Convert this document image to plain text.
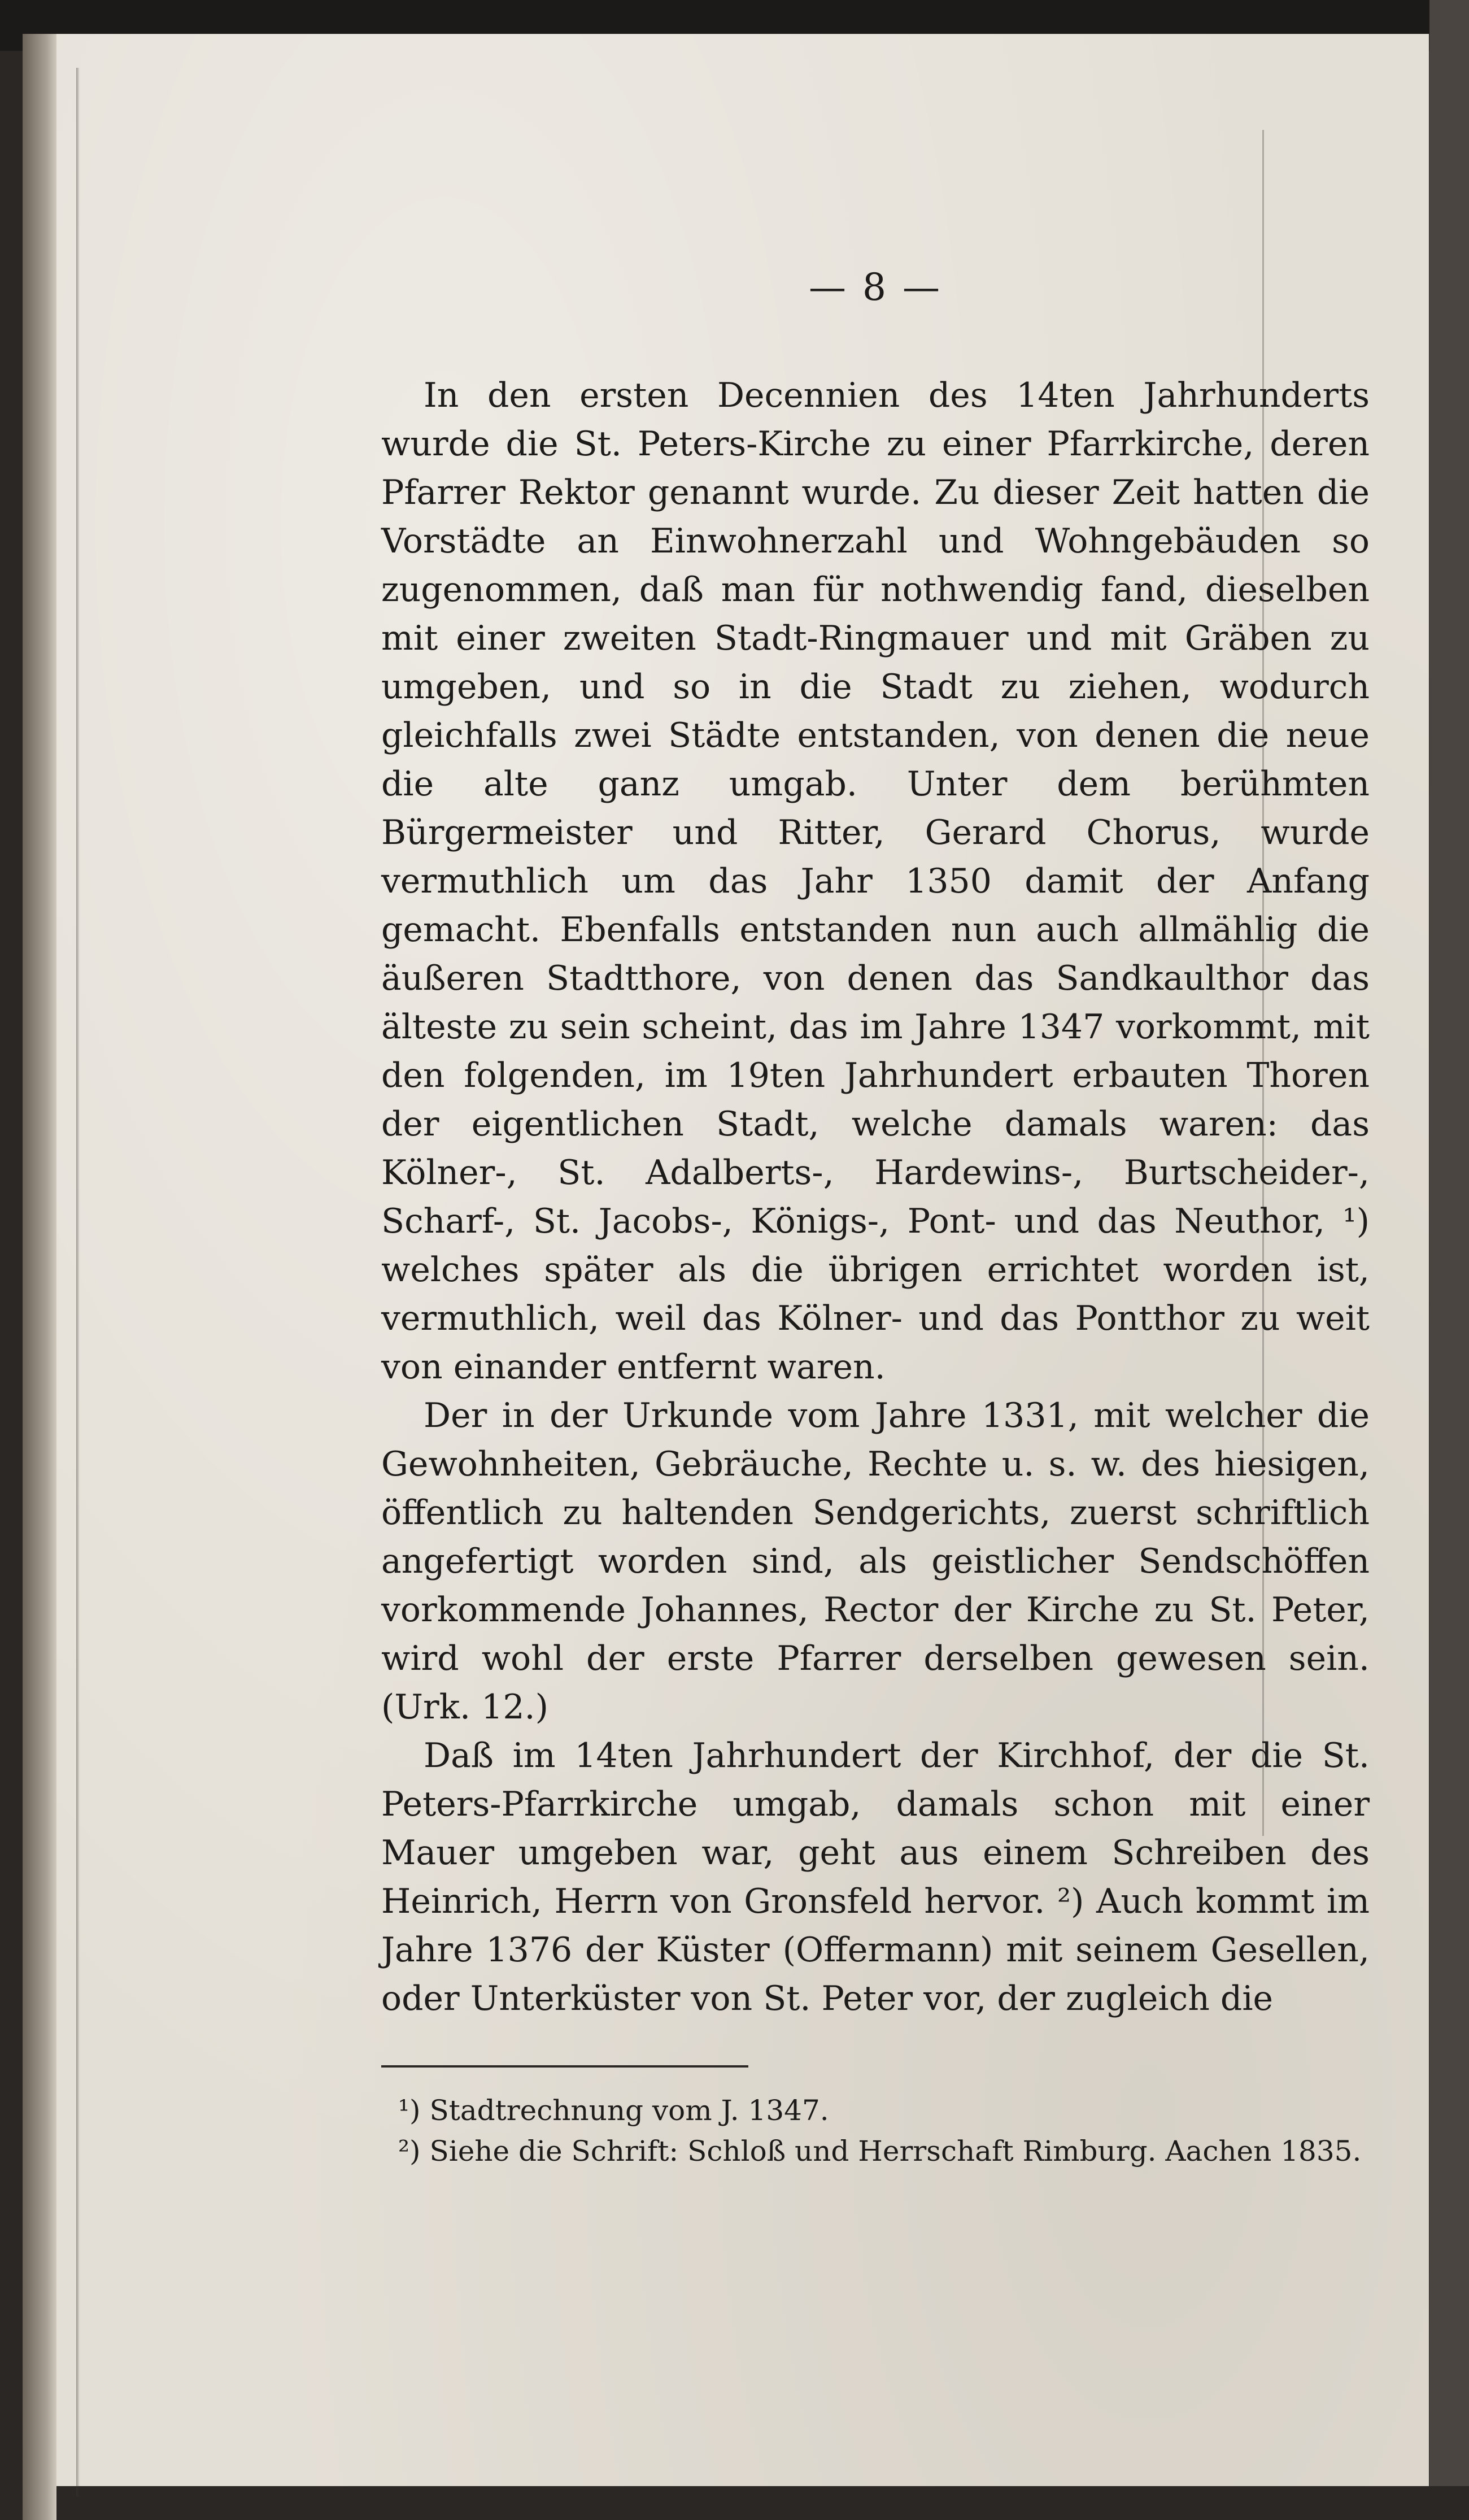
— 8 —

In den ersten Decennien des 14ten Jahrhunderts wurde die St. Peters-Kirche zu einer Pfarrkirche, deren Pfarrer Rektor genannt wurde. Zu dieser Zeit hatten die Vorstädte an Einwohnerzahl und Wohngebäuden so zugenommen, daß man für nothwendig fand, dieselben mit einer zweiten Stadt-Ringmauer und mit Gräben zu umgeben, und so in die Stadt zu ziehen, wodurch gleichfalls zwei Städte entstanden, von denen die neue die alte ganz umgab. Unter dem berühmten Bürgermeister und Ritter, Gerard Chorus, wurde vermuthlich um das Jahr 1350 damit der Anfang gemacht. Ebenfalls entstanden nun auch allmählig die äußeren Stadtthore, von denen das Sandkaulthor das älteste zu sein scheint, das im Jahre 1347 vorkommt, mit den folgenden, im 19ten Jahrhundert erbauten Thoren der eigentlichen Stadt, welche damals waren: das Kölner-, St. Adalberts-, Hardewins-, Burtscheider-, Scharf-, St. Jacobs-, Königs-, Pont- und das Neuthor, ¹) welches später als die übrigen errichtet worden ist, vermuthlich, weil das Kölner- und das Pontthor zu weit von einander entfernt waren.

Der in der Urkunde vom Jahre 1331, mit welcher die Gewohnheiten, Gebräuche, Rechte u. s. w. des hiesigen, öffentlich zu haltenden Sendgerichts, zuerst schriftlich angefertigt worden sind, als geistlicher Sendschöffen vorkommende Johannes, Rector der Kirche zu St. Peter, wird wohl der erste Pfarrer derselben gewesen sein. (Urk. 12.)

Daß im 14ten Jahrhundert der Kirchhof, der die St. Peters-Pfarrkirche umgab, damals schon mit einer Mauer umgeben war, geht aus einem Schreiben des Heinrich, Herrn von Gronsfeld hervor. ²) Auch kommt im Jahre 1376 der Küster (Offermann) mit seinem Gesellen, oder Unterküster von St. Peter vor, der zugleich die

¹) Stadtrechnung vom J. 1347.

²) Siehe die Schrift: Schloß und Herrschaft Rimburg. Aachen 1835.
